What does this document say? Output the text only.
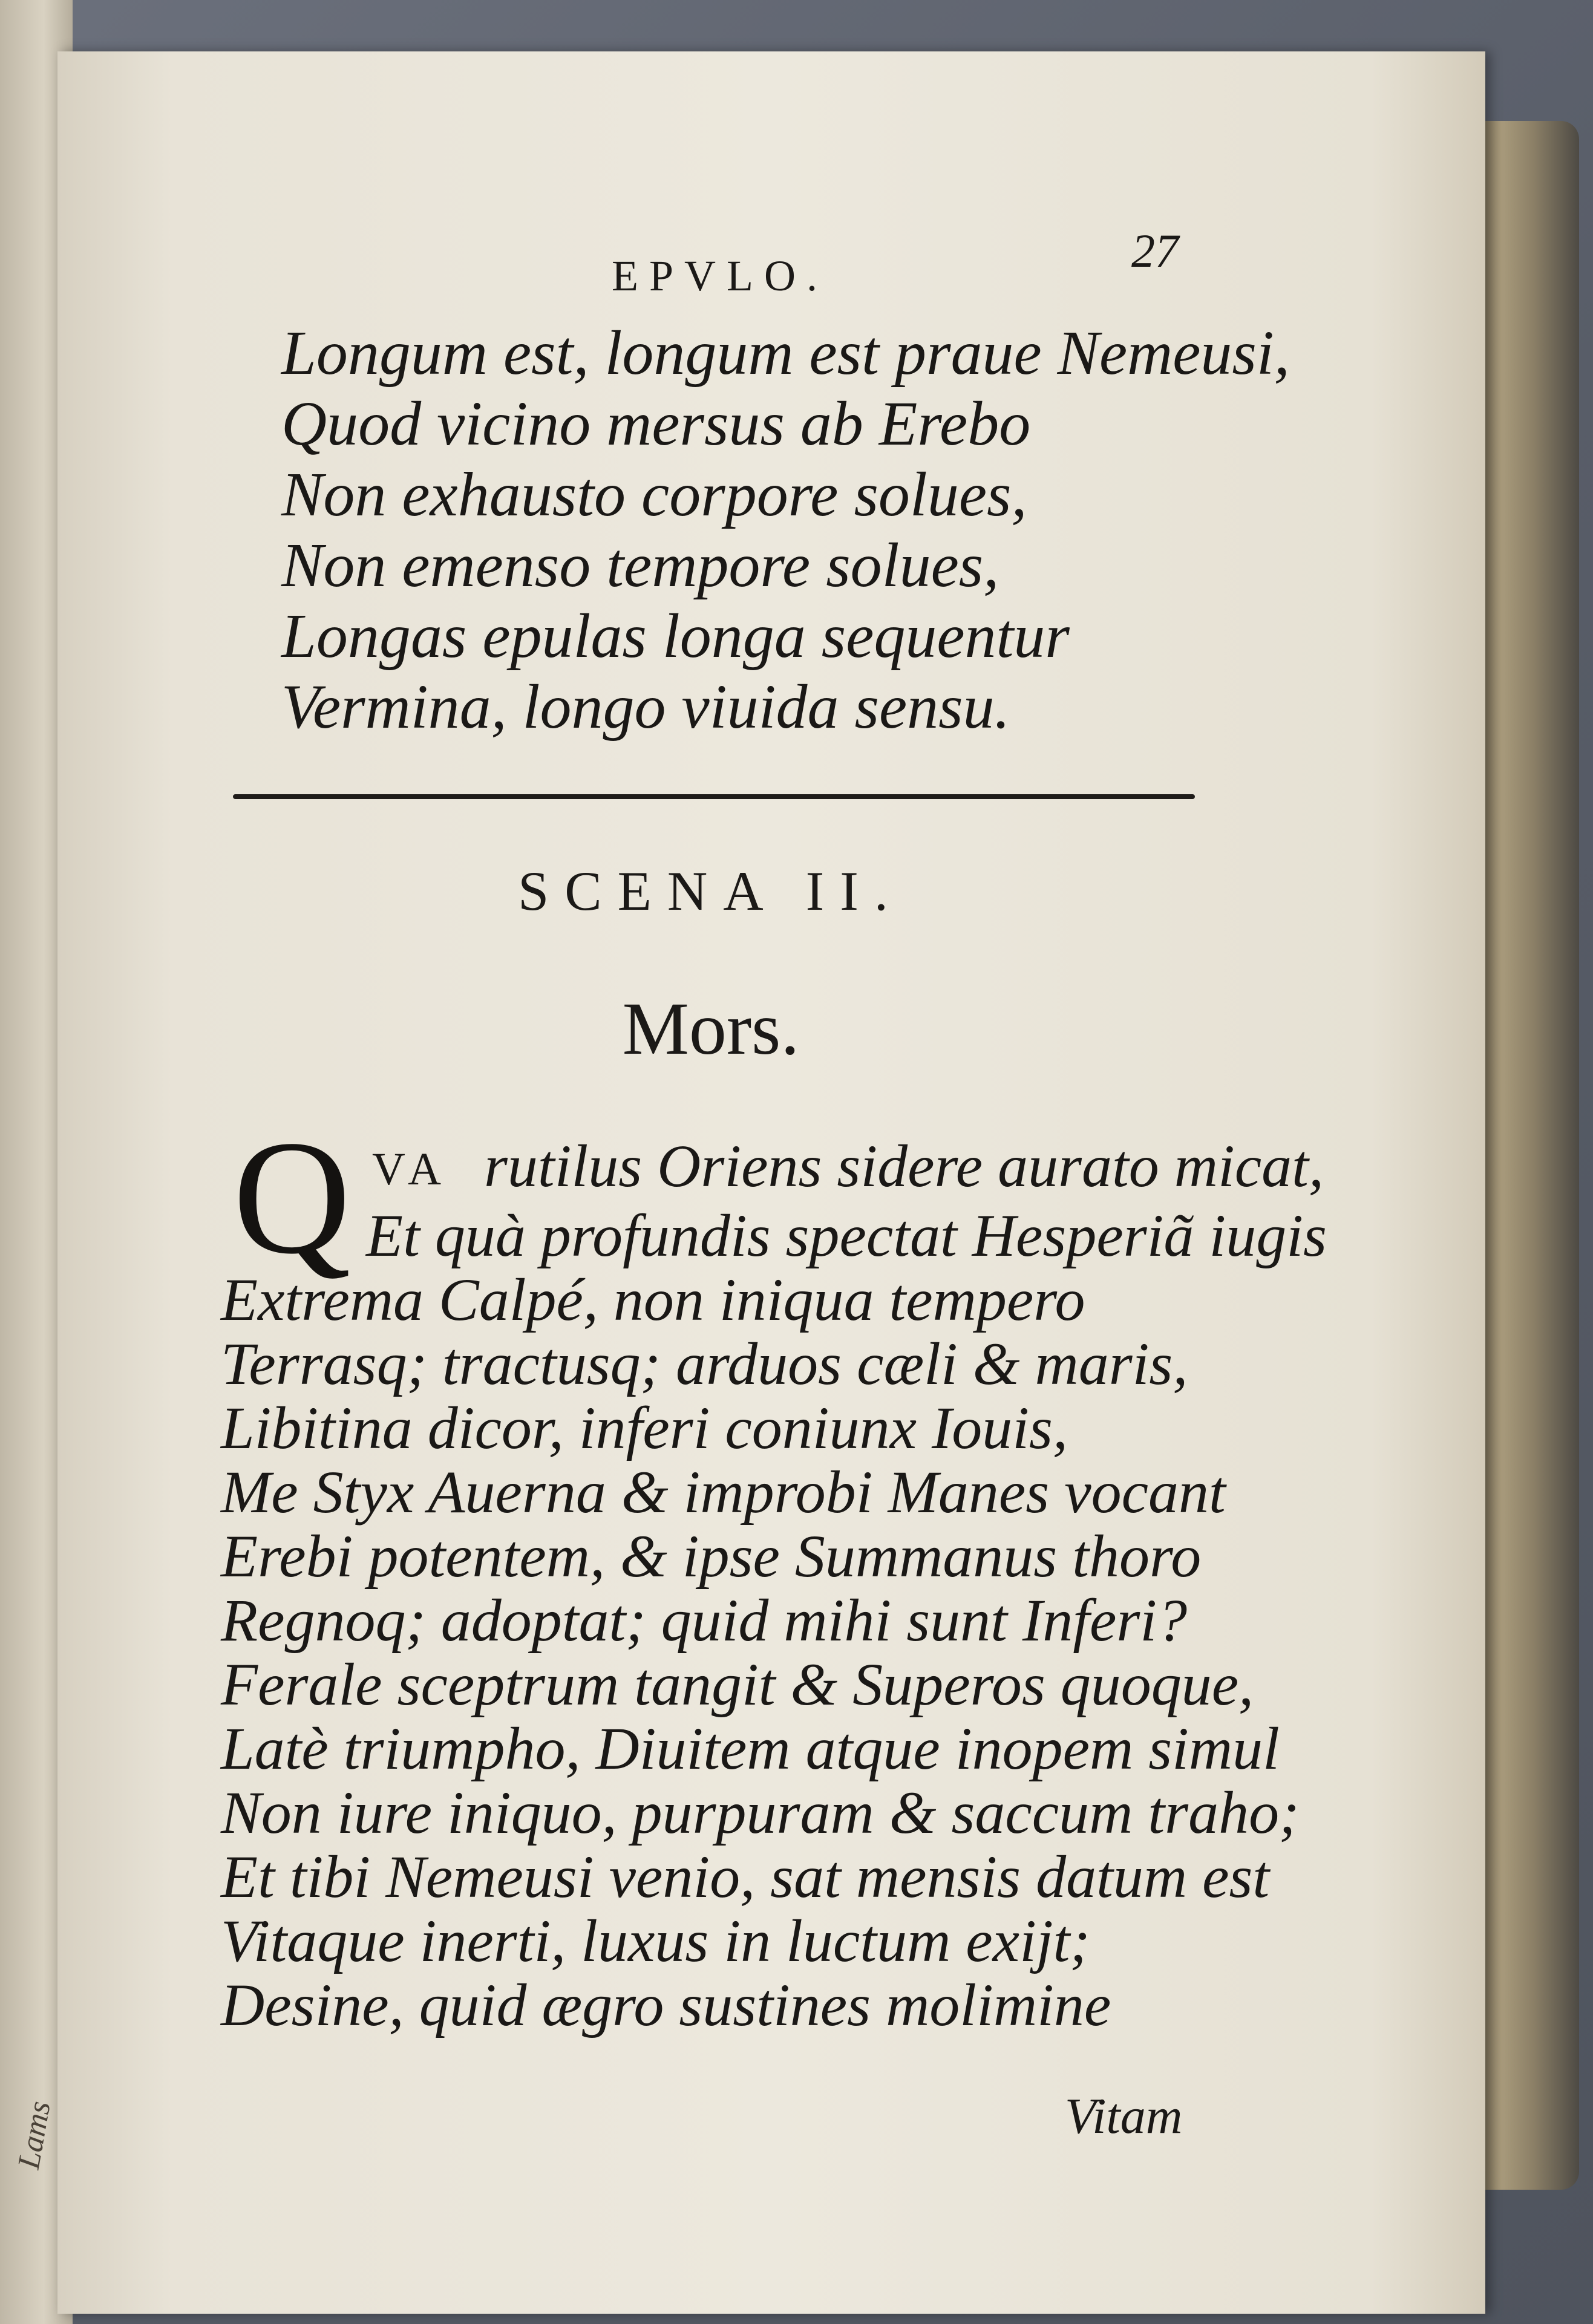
Lams
EPVLO.	27
Longum est, longum est praue Nemeusi,
Quod vicino mersus ab Erebo
Non exhausto corpore solues,
Non emenso tempore solues,
Longas epulas longa sequentur
Vermina, longo viuida sensu.
SCENA II.
Mors.
Q VA rutilus Oriens sidere aurato micat,
Et quà profundis spectat Hesperiã iugis
Extrema Calpé, non iniqua tempero
Terrasq; tractusq; arduos cæli & maris,
Libitina dicor, inferi coniunx Iouis,
Me Styx Auerna & improbi Manes vocant
Erebi potentem, & ipse Summanus thoro
Regnoq; adoptat; quid mihi sunt Inferi?
Ferale sceptrum tangit & Superos quoque,
Latè triumpho, Diuitem atque inopem simul
Non iure iniquo, purpuram & saccum traho;
Et tibi Nemeusi venio, sat mensis datum est
Vitaque inerti, luxus in luctum exijt;
Desine, quid ægro sustines molimine
Vitam
